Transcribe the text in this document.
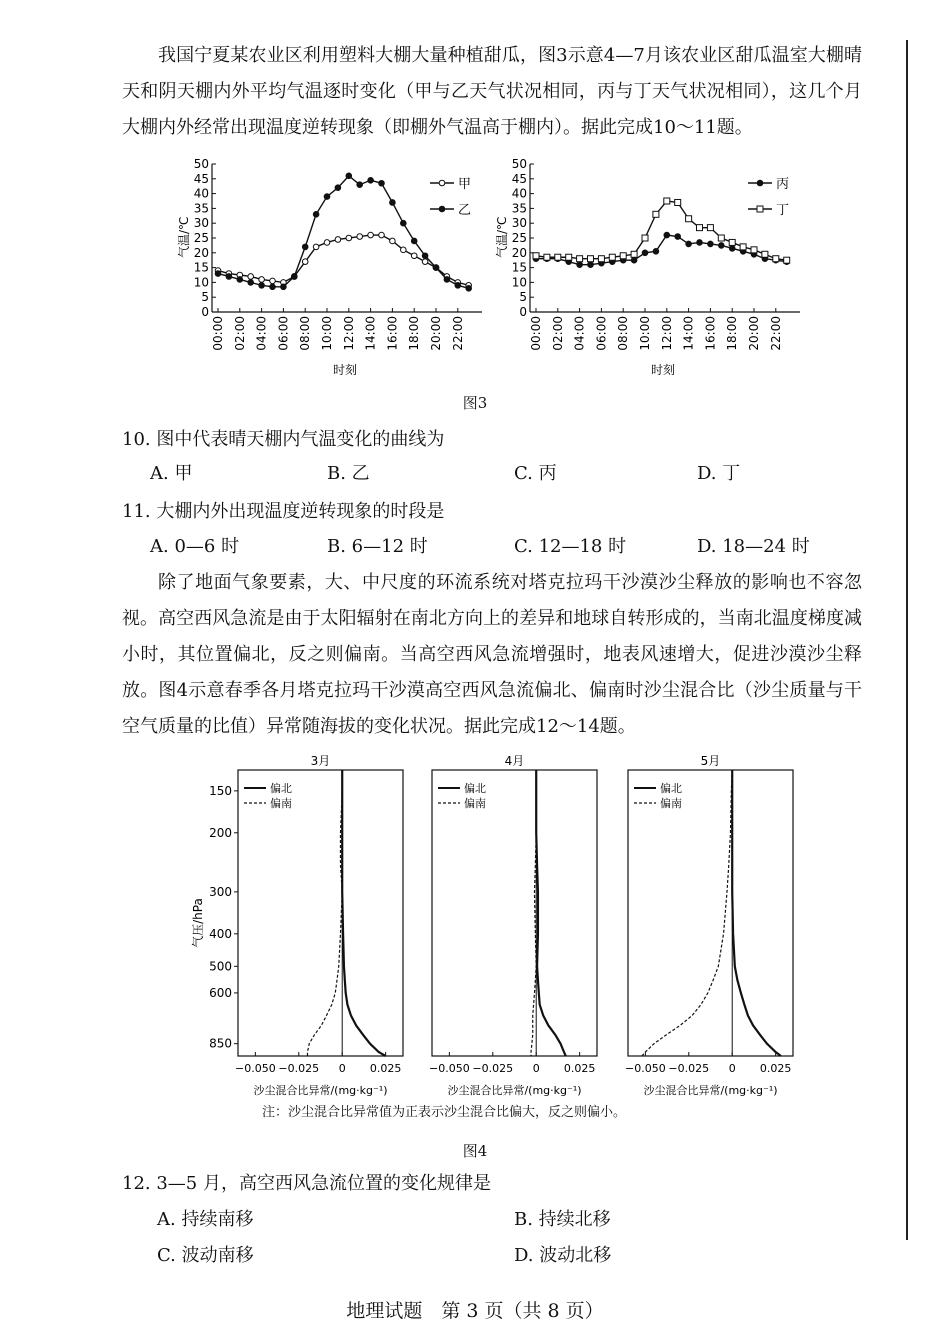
我国宁夏某农业区利用塑料大棚大量种植甜瓜，图3示意4—7月该农业区甜瓜温室大棚晴天和阴天棚内外平均气温逐时变化（甲与乙天气状况相同，丙与丁天气状况相同），这几个月大棚内外经常出现温度逆转现象（即棚外气温高于棚内）。据此完成10～11题。

0
5
10
15
20
25
30
35
40
45
50
00:00 02:00 04:00 06:00 08:00 10:00 12:00 14:00 16:00 18:00 20:00 22:00
气温/℃
时刻
甲
乙
0
5
10
15
20
25
30
35
40
45
50
00:00 02:00 04:00 06:00 08:00 10:00 12:00 14:00 16:00 18:00 20:00 22:00
气温/℃
时刻
丙
丁
图3

10. 图中代表晴天棚内气温变化的曲线为

A. 甲	B. 乙	C. 丙	D. 丁

11. 大棚内外出现温度逆转现象的时段是

A. 0—6 时	B. 6—12 时	C. 12—18 时	D. 18—24 时

除了地面气象要素，大、中尺度的环流系统对塔克拉玛干沙漠沙尘释放的影响也不容忽视。高空西风急流是由于太阳辐射在南北方向上的差异和地球自转形成的，当南北温度梯度减小时，其位置偏北，反之则偏南。当高空西风急流增强时，地表风速增大，促进沙漠沙尘释放。图4示意春季各月塔克拉玛干沙漠高空西风急流偏北、偏南时沙尘混合比（沙尘质量与干空气质量的比值）异常随海拔的变化状况。据此完成12～14题。

3月
−0.050 −0.025 0 0.025
沙尘混合比异常/(mg·kg⁻¹)
150
200
300
400
500
600
850
气压/hPa
偏北
偏南
4月
−0.050 −0.025 0 0.025
沙尘混合比异常/(mg·kg⁻¹)
偏北
偏南
5月
−0.050 −0.025 0 0.025
沙尘混合比异常/(mg·kg⁻¹)
偏北
偏南
注：沙尘混合比异常值为正表示沙尘混合比偏大，反之则偏小。
图4

12. 3—5 月，高空西风急流位置的变化规律是

A. 持续南移	B. 持续北移
C. 波动南移	D. 波动北移
地理试题　第 3 页（共 8 页）
